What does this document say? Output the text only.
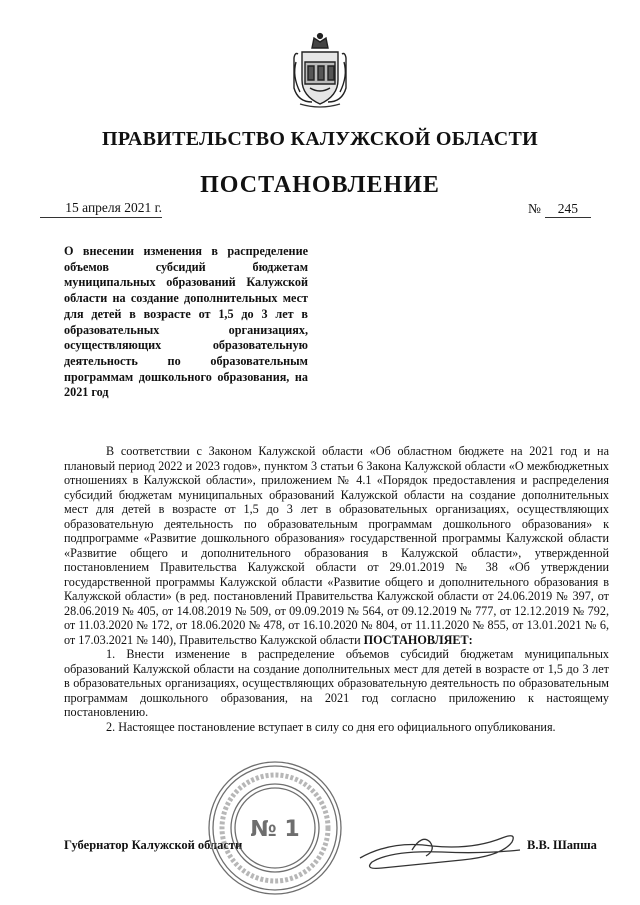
ПРАВИТЕЛЬСТВО КАЛУЖСКОЙ ОБЛАСТИ
ПОСТАНОВЛЕНИЕ
15 апреля 2021 г.	№ 245
О внесении изменения в распределение объемов субсидий бюджетам муниципальных образований Калужской области на создание дополнительных мест для детей в возрасте от 1,5 до 3 лет в образовательных организациях, осуществляющих образовательную деятельность по образовательным программам дошкольного образования, на 2021 год

В соответствии с Законом Калужской области «Об областном бюджете на 2021 год и на плановый период 2022 и 2023 годов», пунктом 3 статьи 6 Закона Калужской области «О межбюджетных отношениях в Калужской области», приложением № 4.1 «Порядок предоставления и распределения субсидий бюджетам муниципальных образований Калужской области на создание дополнительных мест для детей в возрасте от 1,5 до 3 лет в образовательных организациях, осуществляющих образовательную деятельность по образовательным программам дошкольного образования» к подпрограмме «Развитие дошкольного образования» государственной программы Калужской области «Развитие общего и дополнительного образования в Калужской области», утвержденной постановлением Правительства Калужской области от 29.01.2019 № 38 «Об утверждении государственной программы Калужской области «Развитие общего и дополнительного образования в Калужской области» (в ред. постановлений Правительства Калужской области от 24.06.2019 № 397, от 28.06.2019 № 405, от 14.08.2019 № 509, от 09.09.2019 № 564, от 09.12.2019 № 777, от 12.12.2019 № 792, от 11.03.2020 № 172, от 18.06.2020 № 478, от 16.10.2020 № 804, от 11.11.2020 № 855, от 13.01.2021 № 6, от 17.03.2021 № 140), Правительство Калужской области ПОСТАНОВЛЯЕТ:

1. Внести изменение в распределение объемов субсидий бюджетам муниципальных образований Калужской области на создание дополнительных мест для детей в возрасте от 1,5 до 3 лет в образовательных организациях, осуществляющих образовательную деятельность по образовательным программам дошкольного образования, на 2021 год согласно приложению к настоящему постановлению.

2. Настоящее постановление вступает в силу со дня его официального опубликования.

Губернатор Калужской области	В.В. Шапша
№ 1
